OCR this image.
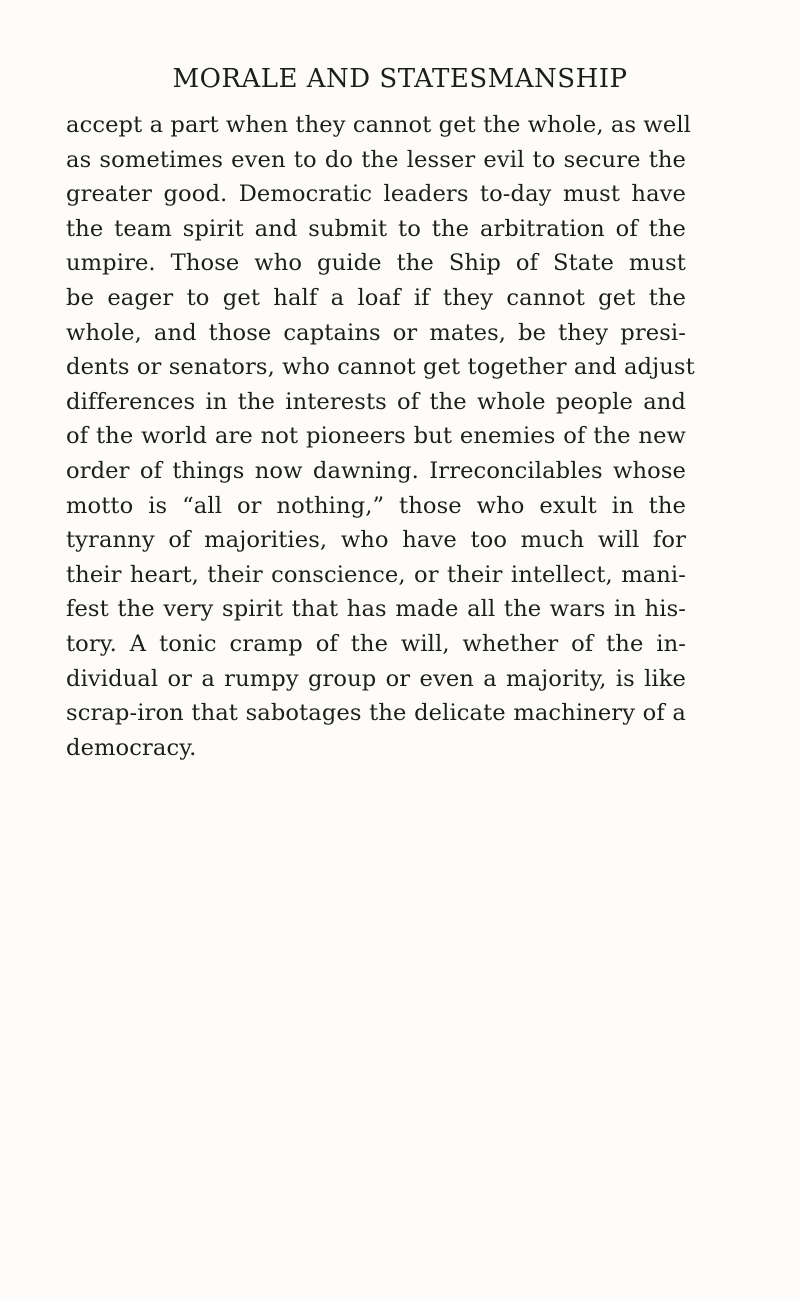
MORALE AND STATESMANSHIP
accept a part when they cannot get the whole, as well
as sometimes even to do the lesser evil to secure the
greater good. Democratic leaders to-day must have
the team spirit and submit to the arbitration of the
umpire. Those who guide the Ship of State must
be eager to get half a loaf if they cannot get the
whole, and those captains or mates, be they presi-
dents or senators, who cannot get together and adjust
differences in the interests of the whole people and
of the world are not pioneers but enemies of the new
order of things now dawning. Irreconcilables whose
motto is “all or nothing,” those who exult in the
tyranny of majorities, who have too much will for
their heart, their conscience, or their intellect, mani-
fest the very spirit that has made all the wars in his-
tory. A tonic cramp of the will, whether of the in-
dividual or a rumpy group or even a majority, is like
scrap-iron that sabotages the delicate machinery of a
democracy.
